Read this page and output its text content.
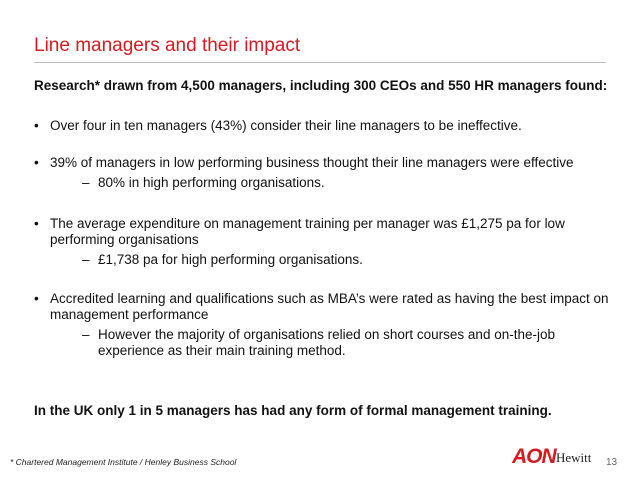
Line managers and their impact
Research* drawn from 4,500 managers, including 300 CEOs and 550 HR managers found:
• Over four in ten managers (43%) consider their line managers to be ineffective.
• 39% of managers in low performing business thought their line managers were effective
– 80% in high performing organisations.
• The average expenditure on management training per manager was £1,275 pa for low
performing organisations
– £1,738 pa for high performing organisations.
• Accredited learning and qualifications such as MBA’s were rated as having the best impact on
management performance
– However the majority of organisations relied on short courses and on-the-job
experience as their main training method.
In the UK only 1 in 5 managers has had any form of formal management training.
* Chartered Management Institute / Henley Business School	AON Hewitt 13
